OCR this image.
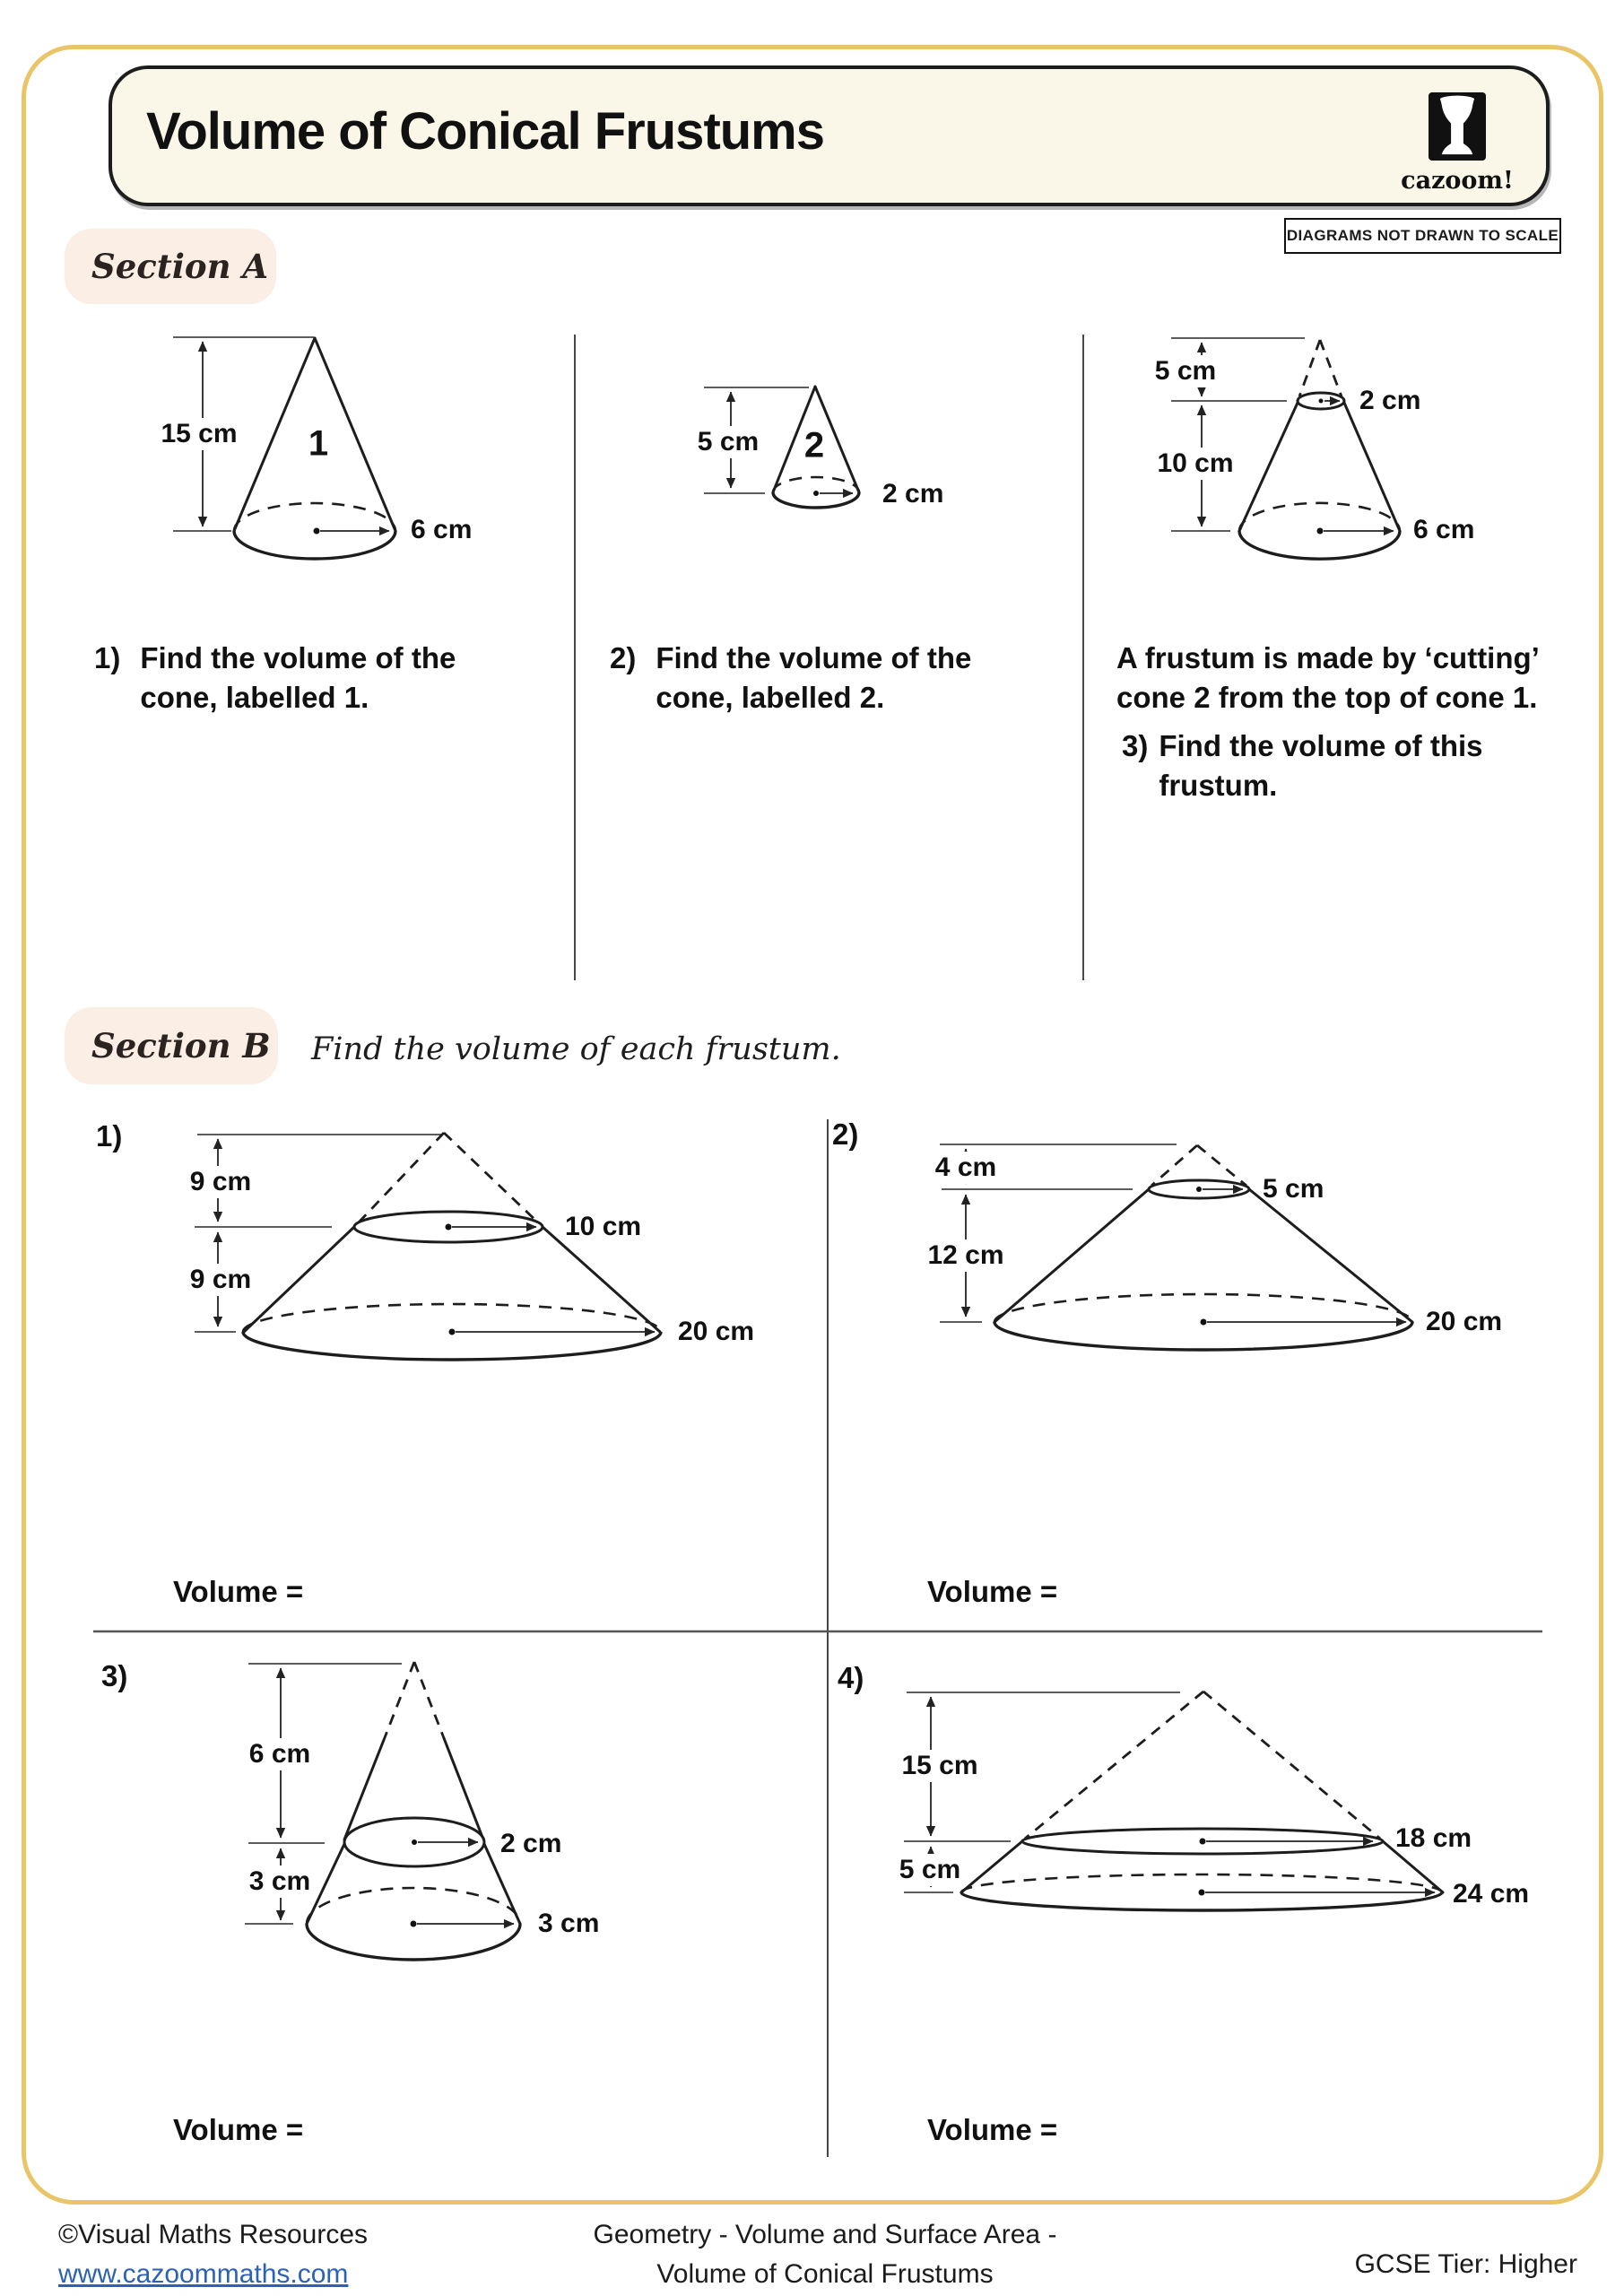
Volume of Conical Frustums
cazoom!
DIAGRAMS NOT DRAWN TO SCALE
Section A
Section B Find the volume of each frustum.
15 cm 1
6 cm
5 cm 2
2 cm
5 cm
2 cm
10 cm
6 cm
1) Find the volume of the
cone, labelled 1.
2) Find the volume of the
cone, labelled 2.
A frustum is made by ‘cutting’
cone 2 from the top of cone 1.
3) Find the volume of this
frustum.
1)	2)
3)	4)
9 cm
9 cm
10 cm
20 cm
4 cm
12 cm
5 cm
20 cm
6 cm
3 cm
2 cm
3 cm
15 cm
5 cm
18 cm
24 cm
Volume =	Volume =
Volume =	Volume =
©Visual Maths Resources
www.cazoommaths.com
Geometry - Volume and Surface Area -
Volume of Conical Frustums	GCSE Tier: Higher
